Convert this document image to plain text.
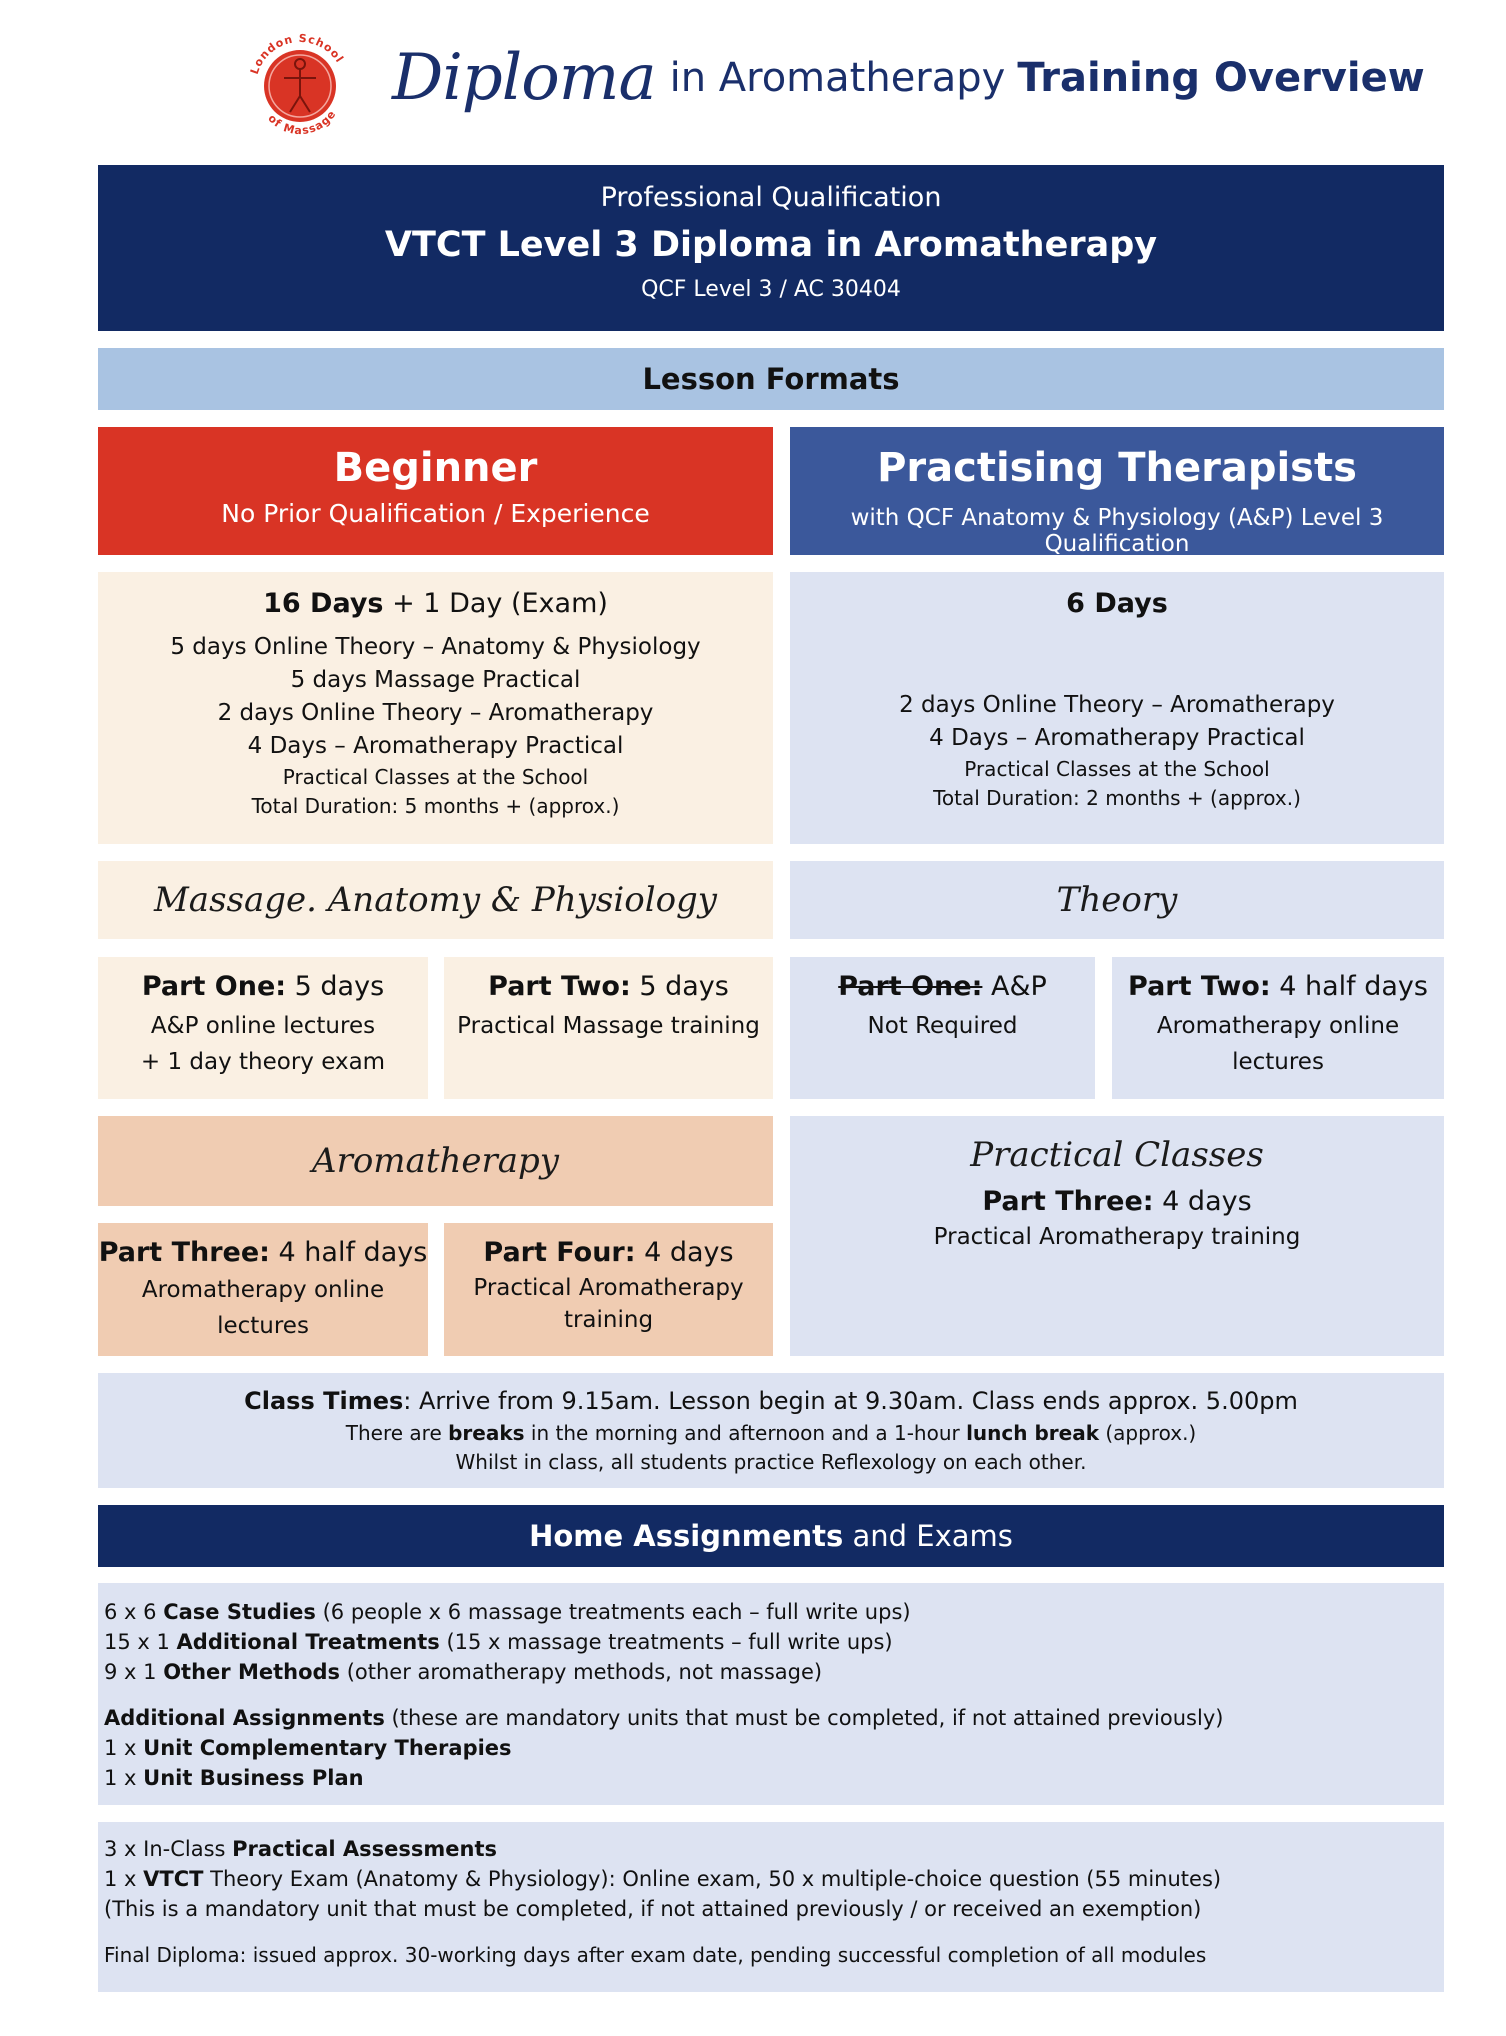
London School
of Massage Diploma in Aromatherapy Training Overview
Professional Qualification
VTCT Level 3 Diploma in Aromatherapy
QCF Level 3 / AC 30404
Lesson Formats
Beginner
No Prior Qualification / Experience
Practising Therapists
with QCF Anatomy & Physiology (A&P) Level 3 Qualification
16 Days + 1 Day (Exam)
5 days Online Theory – Anatomy & Physiology
5 days Massage Practical
2 days Online Theory – Aromatherapy
4 Days – Aromatherapy Practical
Practical Classes at the School
Total Duration: 5 months + (approx.)
6 Days
2 days Online Theory – Aromatherapy
4 Days – Aromatherapy Practical
Practical Classes at the School
Total Duration: 2 months + (approx.)
Massage. Anatomy & Physiology	Theory
Part One: 5 days
A&P online lectures
+ 1 day theory exam
Part Two: 5 days
Practical Massage training
Part One: A&P
Not Required
Part Two: 4 half days
Aromatherapy online lectures
Aromatherapy	Practical Classes
Part Three: 4 days
Practical Aromatherapy training
Part Three: 4 half days
Aromatherapy online lectures
Part Four: 4 days
Practical Aromatherapy
training
Class Times: Arrive from 9.15am. Lesson begin at 9.30am. Class ends approx. 5.00pm
There are breaks in the morning and afternoon and a 1-hour lunch break (approx.)
Whilst in class, all students practice Reflexology on each other.
Home Assignments and Exams
6 x 6 Case Studies (6 people x 6 massage treatments each – full write ups)
15 x 1 Additional Treatments (15 x massage treatments – full write ups)
9 x 1 Other Methods (other aromatherapy methods, not massage)
Additional Assignments (these are mandatory units that must be completed, if not attained previously)
1 x Unit Complementary Therapies
1 x Unit Business Plan
3 x In-Class Practical Assessments
1 x VTCT Theory Exam (Anatomy & Physiology): Online exam, 50 x multiple-choice question (55 minutes)
(This is a mandatory unit that must be completed, if not attained previously / or received an exemption)
Final Diploma: issued approx. 30-working days after exam date, pending successful completion of all modules
